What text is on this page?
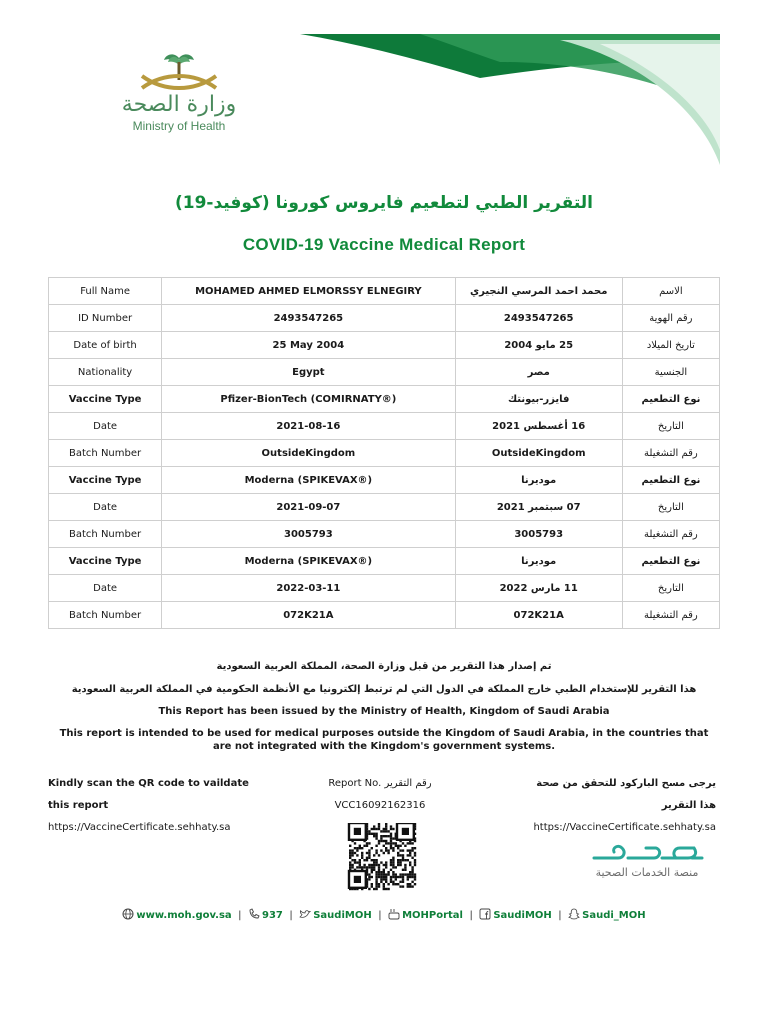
وزارة الصحة
Ministry of Health
التقرير الطبي لتطعيم فايروس كورونا (كوفيد-19)
COVID-19 Vaccine Medical Report
Full Name	MOHAMED AHMED ELMORSSY ELNEGIRY	محمد احمد المرسي النجيري	الاسم
ID Number	2493547265	2493547265	رقم الهوية
Date of birth	25 May 2004	25 مايو 2004	تاريخ الميلاد
Nationality	Egypt	مصر	الجنسية
Vaccine Type	Pfizer-BionTech (COMIRNATY®)	فايزر-بيونتك	نوع التطعيم
Date	2021-08-16	16 أغسطس 2021	التاريخ
Batch Number	OutsideKingdom	OutsideKingdom	رقم التشغيلة
Vaccine Type	Moderna (SPIKEVAX®)	موديرنا	نوع التطعيم
Date	2021-09-07	07 سبتمبر 2021	التاريخ
Batch Number	3005793	3005793	رقم التشغيلة
Vaccine Type	Moderna (SPIKEVAX®)	موديرنا	نوع التطعيم
Date	2022-03-11	11 مارس 2022	التاريخ
Batch Number	072K21A	072K21A	رقم التشغيلة
تم إصدار هذا التقرير من قبل وزارة الصحة، المملكة العربية السعودية
هذا التقرير للإستخدام الطبي خارج المملكة في الدول التي لم ترتبط إلكترونيا مع الأنظمة الحكومية في المملكة العربية السعودية
This Report has been issued by the Ministry of Health, Kingdom of Saudi Arabia
This report is intended to be used for medical purposes outside the Kingdom of Saudi Arabia, in the countries that are not integrated with the Kingdom's government systems.
Kindly scan the QR code to vaildate
this report
https://VaccineCertificate.sehhaty.sa
Report No. رقم التقرير
VCC16092162316
يرجى مسح الباركود للتحقق من صحة
هذا التقرير
https://VaccineCertificate.sehhaty.sa
منصة الخدمات الصحية
www.moh.gov.sa | 937 | SaudiMOH | MOHPortal | SaudiMOH | Saudi_MOH
